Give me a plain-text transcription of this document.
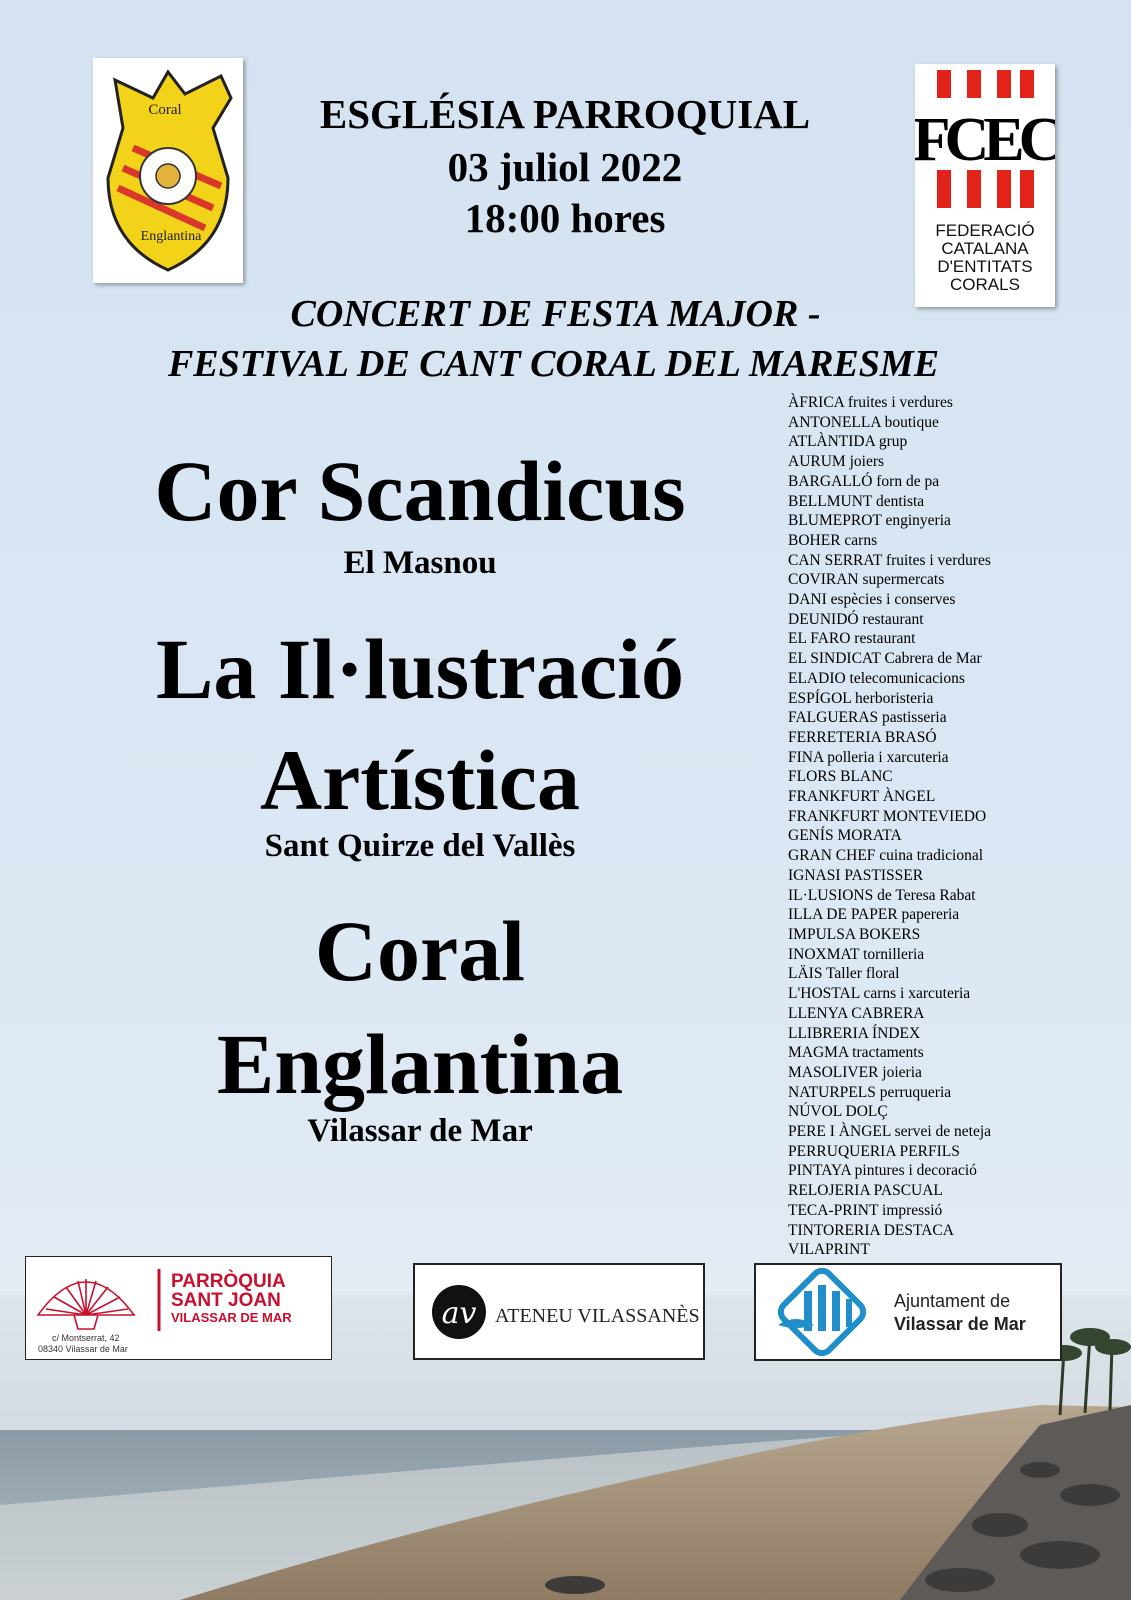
Coral
Englantina
FCEC
FEDERACIÓ
CATALANA
D'ENTITATS
CORALS
ESGLÉSIA PARROQUIAL
03 juliol 2022
18:00 hores
CONCERT DE FESTA MAJOR -
FESTIVAL DE CANT CORAL DEL MARESME
Cor Scandicus
El Masnou
La Il·lustració
Artística
Sant Quirze del Vallès
Coral
Englantina
Vilassar de Mar
ÀFRICA fruites i verdures
ANTONELLA boutique
ATLÀNTIDA grup
AURUM joiers
BARGALLÓ forn de pa
BELLMUNT dentista
BLUMEPROT enginyeria
BOHER carns
CAN SERRAT fruites i verdures
COVIRAN supermercats
DANI espècies i conserves
DEUNIDÓ restaurant
EL FARO restaurant
EL SINDICAT Cabrera de Mar
ELADIO telecomunicacions
ESPÍGOL herboristeria
FALGUERAS pastisseria
FERRETERIA BRASÓ
FINA polleria i xarcuteria
FLORS BLANC
FRANKFURT ÀNGEL
FRANKFURT MONTEVIEDO
GENÍS MORATA
GRAN CHEF cuina tradicional
IGNASI PASTISSER
IL·LUSIONS de Teresa Rabat
ILLA DE PAPER papereria
IMPULSA BOKERS
INOXMAT tornilleria
LÄIS Taller floral
L'HOSTAL carns i xarcuteria
LLENYA CABRERA
LLIBRERIA ÍNDEX
MAGMA tractaments
MASOLIVER joieria
NATURPELS perruqueria
NÚVOL DOLÇ
PERE I ÀNGEL servei de neteja
PERRUQUERIA PERFILS
PINTAYA pintures i decoració
RELOJERIA PASCUAL
TECA-PRINT impressió
TINTORERIA DESTACA
VILAPRINT
PARRÒQUIA
SANT JOAN
VILASSAR DE MAR
c/ Montserrat, 42
08340 Vilassar de Mar
av ATENEU VILASSANÈS
Ajuntament de
Vilassar de Mar
